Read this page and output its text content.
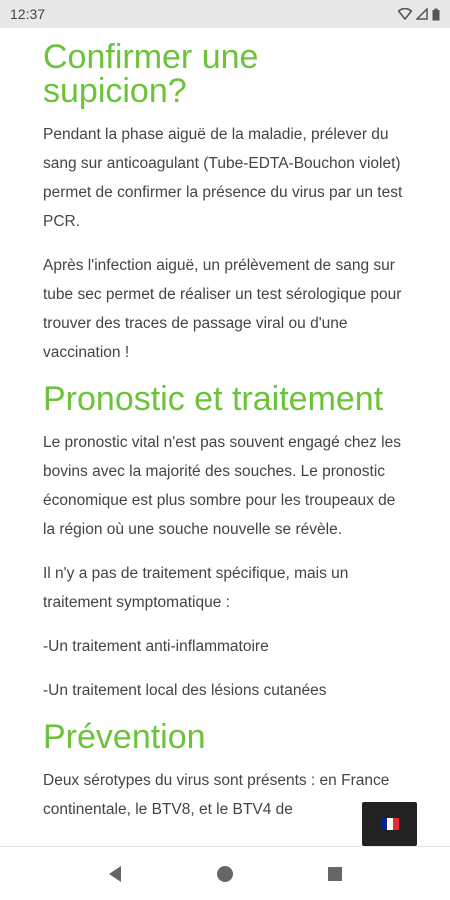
12:37
Confirmer une supicion?

Pendant la phase aiguë de la maladie, prélever du sang sur anticoagulant (Tube-EDTA-Bouchon violet) permet de confirmer la présence du virus par un test PCR.

Après l'infection aiguë, un prélèvement de sang sur tube sec permet de réaliser un test sérologique pour trouver des traces de passage viral ou d'une vaccination !

Pronostic et traitement

Le pronostic vital n'est pas souvent engagé chez les bovins avec la majorité des souches. Le pronostic économique est plus sombre pour les troupeaux de la région où une souche nouvelle se révèle.

Il n'y a pas de traitement spécifique, mais un traitement symptomatique :

-Un traitement anti-inflammatoire

-Un traitement local des lésions cutanées

Prévention

Deux sérotypes du virus sont présents : en France continentale, le BTV8, et le BTV4 de
